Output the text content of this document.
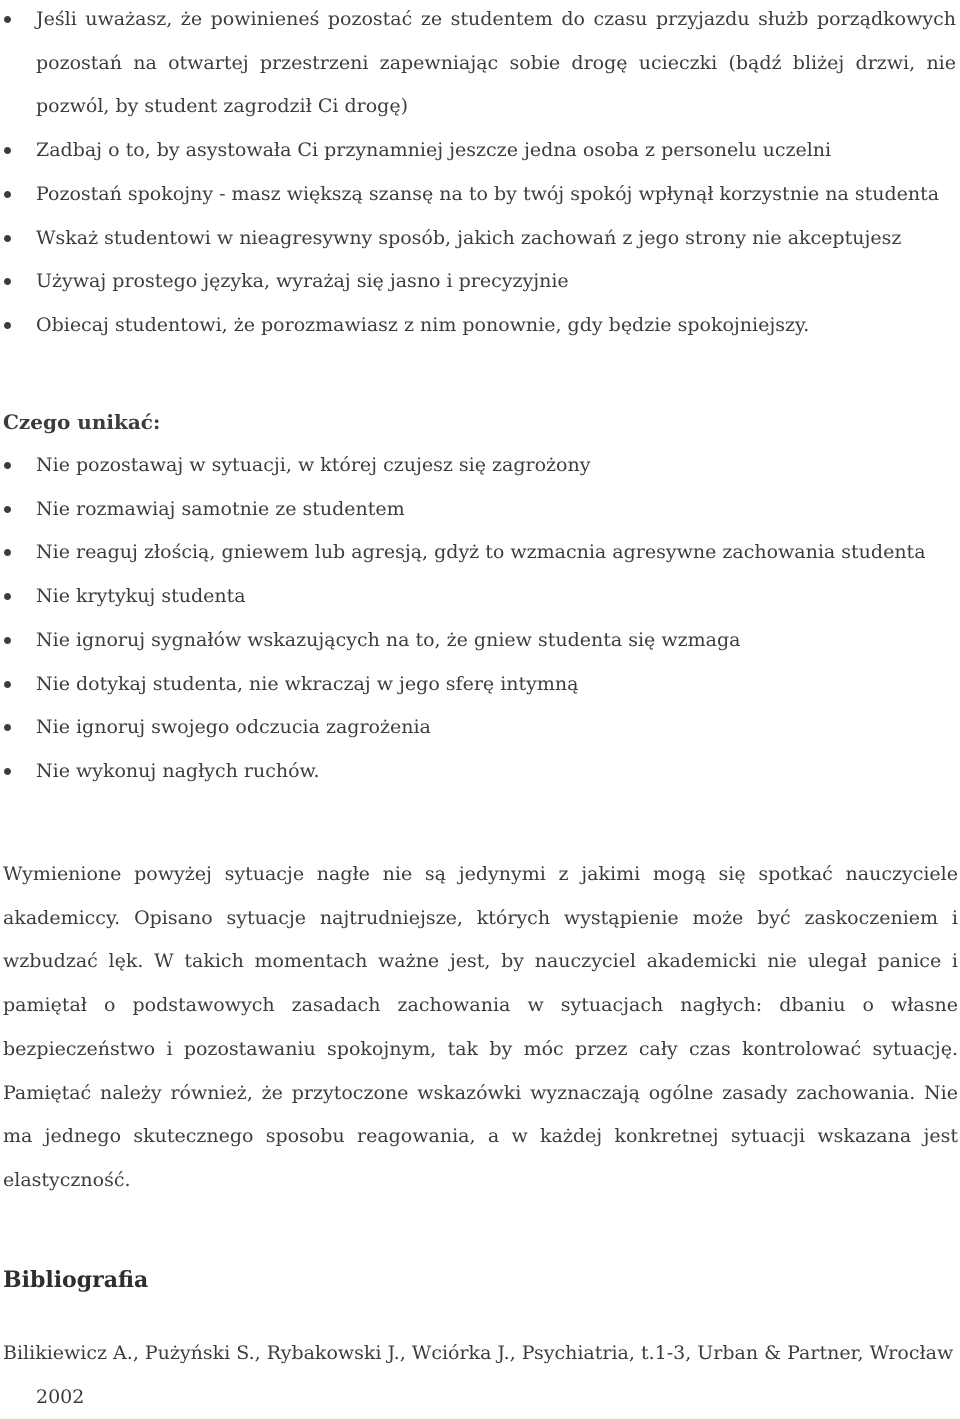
Jeśli uważasz, że powinieneś pozostać ze studentem do czasu przyjazdu służb porządkowych pozostań na otwartej przestrzeni zapewniając sobie drogę ucieczki (bądź bliżej drzwi, nie pozwól, by student zagrodził Ci drogę)
Zadbaj o to, by asystowała Ci przynamniej jeszcze jedna osoba z personelu uczelni
Pozostań spokojny - masz większą szansę na to by twój spokój wpłynął korzystnie na studenta
Wskaż studentowi w nieagresywny sposób, jakich zachowań z jego strony nie akceptujesz
Używaj prostego języka, wyrażaj się jasno i precyzyjnie
Obiecaj studentowi, że porozmawiasz z nim ponownie, gdy będzie spokojniejszy.
Czego unikać:
Nie pozostawaj w sytuacji, w której czujesz się zagrożony
Nie rozmawiaj samotnie ze studentem
Nie reaguj złością, gniewem lub agresją, gdyż to wzmacnia agresywne zachowania studenta
Nie krytykuj studenta
Nie ignoruj sygnałów wskazujących na to, że gniew studenta się wzmaga
Nie dotykaj studenta, nie wkraczaj w jego sferę intymną
Nie ignoruj swojego odczucia zagrożenia
Nie wykonuj nagłych ruchów.

Wymienione powyżej sytuacje nagłe nie są jedynymi z jakimi mogą się spotkać nauczyciele akademiccy. Opisano sytuacje najtrudniejsze, których wystąpienie może być zaskoczeniem i wzbudzać lęk. W takich momentach ważne jest, by nauczyciel akademicki nie ulegał panice i pamiętał o podstawowych zasadach zachowania w sytuacjach nagłych: dbaniu o własne bezpieczeństwo i pozostawaniu spokojnym, tak by móc przez cały czas kontrolować sytuację. Pamiętać należy również, że przytoczone wskazówki wyznaczają ogólne zasady zachowania. Nie ma jednego skutecznego sposobu reagowania, a w każdej konkretnej sytuacji wskazana jest elastyczność.

Bibliografia

Bilikiewicz A., Pużyński S., Rybakowski J., Wciórka J., Psychiatria, t.1-3, Urban & Partner, Wrocław 2002
